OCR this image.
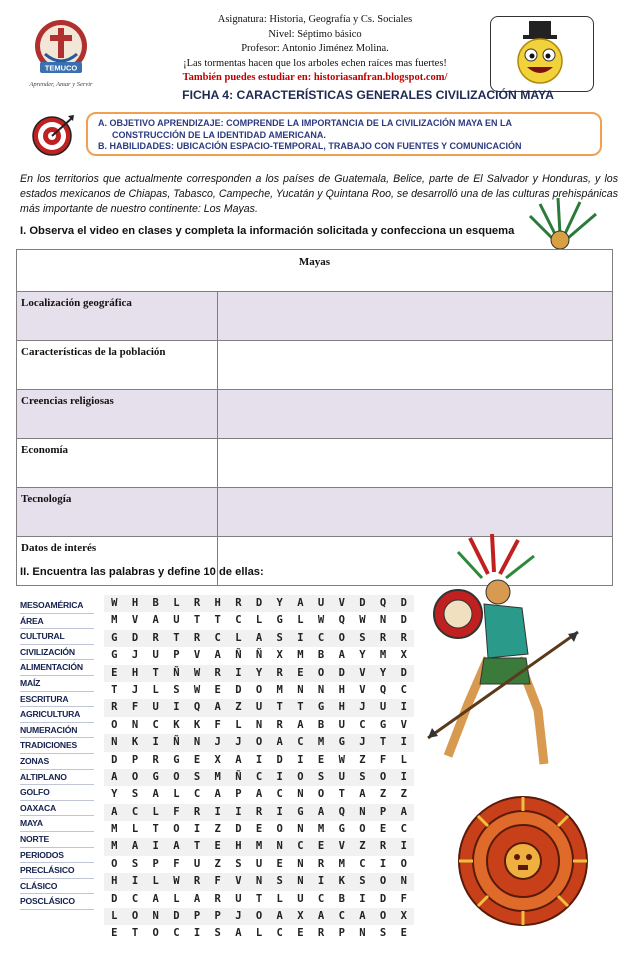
TEMUCO
Aprender, Amar y Servir
Asignatura: Historia, Geografía y Cs. Sociales
Nivel: Séptimo básico
Profesor: Antonio Jiménez Molina.
¡Las tormentas hacen que los arboles echen raíces mas fuertes!
También puedes estudiar en: historiasanfran.blogspot.com/
FICHA 4: CARACTERÍSTICAS GENERALES CIVILIZACIÓN MAYA
A. OBJETIVO APRENDIZAJE: COMPRENDE LA IMPORTANCIA DE LA CIVILIZACIÓN MAYA EN LA
CONSTRUCCIÓN DE LA IDENTIDAD AMERICANA.
B. HABILIDADES: UBICACIÓN ESPACIO-TEMPORAL, TRABAJO CON FUENTES Y COMUNICACIÓN
En los territorios que actualmente corresponden a los países de Guatemala, Belice, parte de El Salvador y Honduras, y los estados mexicanos de Chiapas, Tabasco, Campeche, Yucatán y Quintana Roo, se desarrolló una de las culturas prehispánicas más importante de nuestro continente: Los Mayas.
I. Observa el video en clases y completa la información solicitada y confecciona un esquema
Mayas	
Localización geográfica	
Características de la población	
Creencias religiosas	
Economía	
Tecnología	
Datos de interés	
II. Encuentra las palabras y define 10 de ellas:
MESOAMÉRICA
ÁREA
CULTURAL
CIVILIZACIÓN
ALIMENTACIÓN
MAÍZ
ESCRITURA
AGRICULTURA
NUMERACIÓN
TRADICIONES
ZONAS
ALTIPLANO
GOLFO
OAXACA
MAYA
NORTE
PERIODOS
PRECLÁSICO
CLÁSICO
POSCLÁSICO
W	H	B	L	R	H	R	D	Y	A	U	V	D	Q	D
M	V	A	U	T	T	C	L	G	L	W	Q	W	N	D
G	D	R	T	R	C	L	A	S	I	C	O	S	R	R
G	J	U	P	V	A	Ñ	Ñ	X	M	B	A	Y	M	X
E	H	T	Ñ	W	R	I	Y	R	E	O	D	V	Y	D
T	J	L	S	W	E	D	O	M	N	N	H	V	Q	C
R	F	U	I	Q	A	Z	U	T	T	G	H	J	U	I
O	N	C	K	K	F	L	N	R	A	B	U	C	G	V
N	K	I	Ñ	N	J	J	O	A	C	M	G	J	T	I
D	P	R	G	E	X	A	I	D	I	E	W	Z	F	L
A	O	G	O	S	M	Ñ	C	I	O	S	U	S	O	I
Y	S	A	L	C	A	P	A	C	N	O	T	A	Z	Z
A	C	L	F	R	I	I	R	I	G	A	Q	N	P	A
M	L	T	O	I	Z	D	E	O	N	M	G	O	E	C
M	A	I	A	T	E	H	M	N	C	E	V	Z	R	I
O	S	P	F	U	Z	S	U	E	N	R	M	C	I	O
H	I	L	W	R	F	V	N	S	N	I	K	S	O	N
D	C	A	L	A	R	U	T	L	U	C	B	I	D	F
L	O	N	D	P	P	J	O	A	X	A	C	A	O	X
E	T	O	C	I	S	A	L	C	E	R	P	N	S	E
